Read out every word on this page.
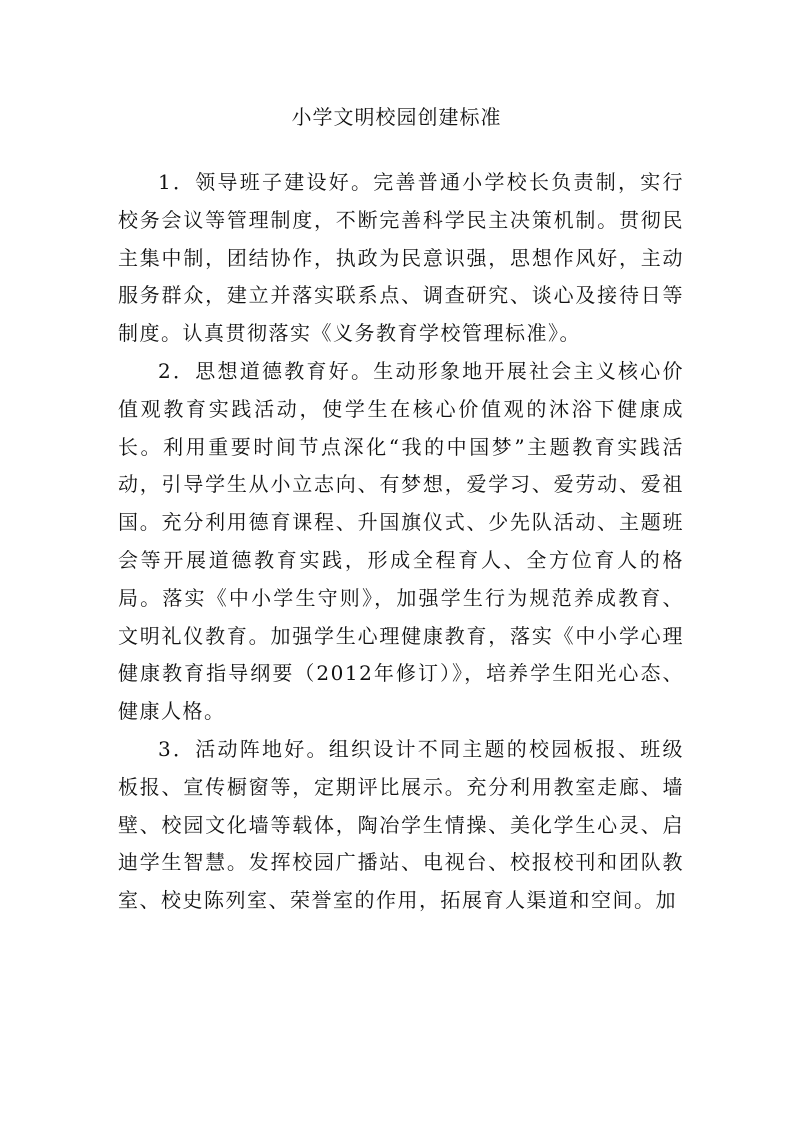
小学文明校园创建标准

1．领导班子建设好。完善普通小学校长负责制，实行校务会议等管理制度，不断完善科学民主决策机制。贯彻民主集中制，团结协作，执政为民意识强，思想作风好，主动服务群众，建立并落实联系点、调查研究、谈心及接待日等制度。认真贯彻落实《义务教育学校管理标准》。

2．思想道德教育好。生动形象地开展社会主义核心价值观教育实践活动，使学生在核心价值观的沐浴下健康成长。利用重要时间节点深化“我的中国梦”主题教育实践活动，引导学生从小立志向、有梦想，爱学习、爱劳动、爱祖国。充分利用德育课程、升国旗仪式、少先队活动、主题班会等开展道德教育实践，形成全程育人、全方位育人的格局。落实《中小学生守则》，加强学生行为规范养成教育、文明礼仪教育。加强学生心理健康教育，落实《中小学心理健康教育指导纲要（2012年修订）》，培养学生阳光心态、健康人格。

3．活动阵地好。组织设计不同主题的校园板报、班级板报、宣传橱窗等，定期评比展示。充分利用教室走廊、墙壁、校园文化墙等载体，陶冶学生情操、美化学生心灵、启迪学生智慧。发挥校园广播站、电视台、校报校刊和团队教室、校史陈列室、荣誉室的作用，拓展育人渠道和空间。加
